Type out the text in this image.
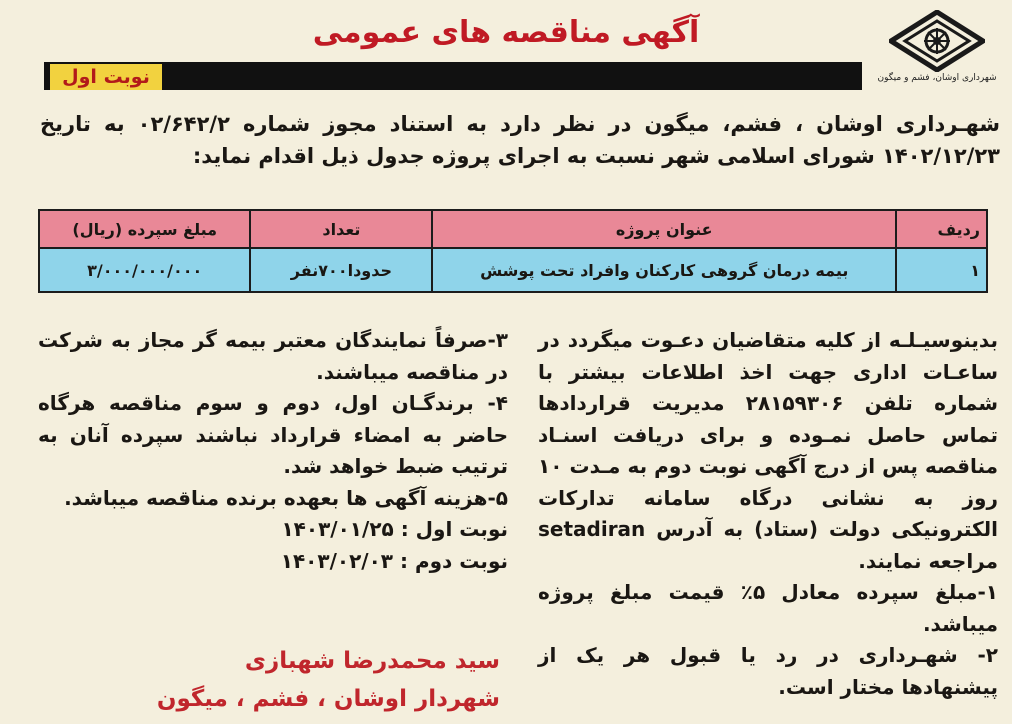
شهرداری اوشان، فشم و میگون
آگهی مناقصه های عمومی
نوبت اول
شهـرداری اوشان ، فشم، میگون در نظر دارد به استناد مجوز شماره ۰۲/۶۴۲/۲ به تاریخ ۱۴۰۲/۱۲/۲۳ شورای اسلامی شهر نسبت به اجرای پروژه جدول ذیل اقدام نماید:
ردیف	عنوان پروژه	تعداد	مبلغ سپرده (ریال)
۱	بیمه درمان گروهی کارکنان وافراد تحت پوشش	حدودا۷۰۰نفر	۳/۰۰۰/۰۰۰/۰۰۰

بدینوسیـلـه از کلیه متقاضیان دعـوت میگردد در ساعـات اداری جهت اخذ اطلاعات بیشتر با شماره تلفن ۲۸۱۵۹۳۰۶ مدیریت قراردادها تماس حاصل نمـوده و برای دریافت اسنـاد مناقصه پس از درج آگهی نوبت دوم به مـدت ۱۰ روز به نشانی درگاه سامانه تدارکات الکترونیکی دولت (ستاد) به آدرس setadiran مراجعه نمایند.

۱-مبلغ سپرده معادل ۵٪ قیمت مبلغ پروژه میباشد.

۲- شهـرداری در رد یا قبول هر یک از پیشنهادها مختار است.

۳-صرفاً نمایندگان معتبر بیمه گر مجاز به شرکت در مناقصه میباشند.

۴- برندگـان اول، دوم و سوم مناقصه هرگاه حاضر به امضاء قرارداد نباشند سپرده آنان به ترتیب ضبط خواهد شد.

۵-هزینه آگهی ها بعهده برنده مناقصه میباشد.

نوبت اول : ۱۴۰۳/۰۱/۲۵

نوبت دوم : ۱۴۰۳/۰۲/۰۳

سید محمدرضا شهبازی
شهردار اوشان ، فشم ، میگون
